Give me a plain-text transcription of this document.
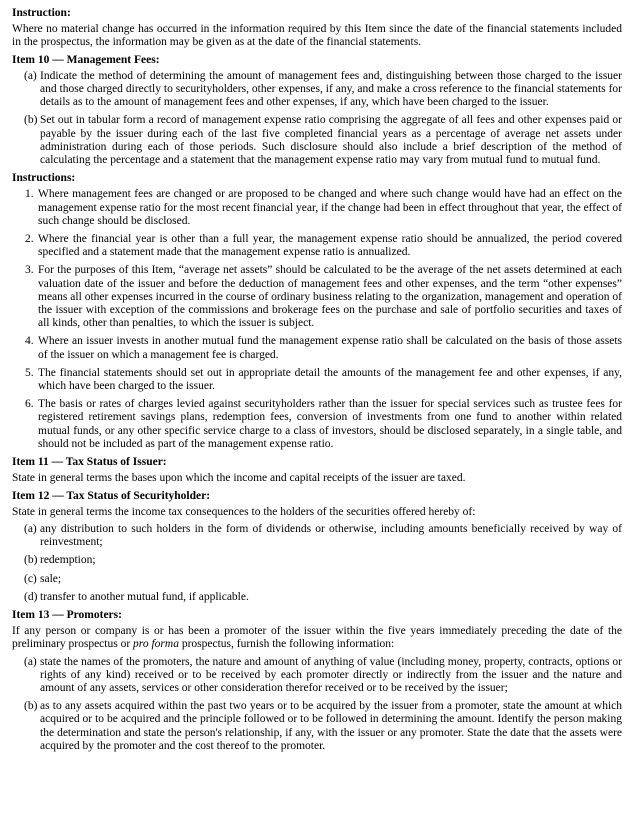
Instruction:
Where no material change has occurred in the information required by this Item since the date of the financial statements included in the prospectus, the information may be given as at the date of the financial statements.
Item 10 — Management Fees:
(a) Indicate the method of determining the amount of management fees and, distinguishing between those charged to the issuer and those charged directly to securityholders, other expenses, if any, and make a cross reference to the financial statements for details as to the amount of management fees and other expenses, if any, which have been charged to the issuer.
(b) Set out in tabular form a record of management expense ratio comprising the aggregate of all fees and other expenses paid or payable by the issuer during each of the last five completed financial years as a percentage of average net assets under administration during each of those periods. Such disclosure should also include a brief description of the method of calculating the percentage and a statement that the management expense ratio may vary from mutual fund to mutual fund.
Instructions:
1. Where management fees are changed or are proposed to be changed and where such change would have had an effect on the management expense ratio for the most recent financial year, if the change had been in effect throughout that year, the effect of such change should be disclosed.
2. Where the financial year is other than a full year, the management expense ratio should be annualized, the period covered specified and a statement made that the management expense ratio is annualized.
3. For the purposes of this Item, “average net assets” should be calculated to be the average of the net assets determined at each valuation date of the issuer and before the deduction of management fees and other expenses, and the term “other expenses” means all other expenses incurred in the course of ordinary business relating to the organization, management and operation of the issuer with exception of the commissions and brokerage fees on the purchase and sale of portfolio securities and taxes of all kinds, other than penalties, to which the issuer is subject.
4. Where an issuer invests in another mutual fund the management expense ratio shall be calculated on the basis of those assets of the issuer on which a management fee is charged.
5. The financial statements should set out in appropriate detail the amounts of the management fee and other expenses, if any, which have been charged to the issuer.
6. The basis or rates of charges levied against securityholders rather than the issuer for special services such as trustee fees for registered retirement savings plans, redemption fees, conversion of investments from one fund to another within related mutual funds, or any other specific service charge to a class of investors, should be disclosed separately, in a single table, and should not be included as part of the management expense ratio.
Item 11 — Tax Status of Issuer:
State in general terms the bases upon which the income and capital receipts of the issuer are taxed.
Item 12 — Tax Status of Securityholder:
State in general terms the income tax consequences to the holders of the securities offered hereby of:
(a) any distribution to such holders in the form of dividends or otherwise, including amounts beneficially received by way of reinvestment;
(b) redemption;
(c) sale;
(d) transfer to another mutual fund, if applicable.
Item 13 — Promoters:
If any person or company is or has been a promoter of the issuer within the five years immediately preceding the date of the preliminary prospectus or pro forma prospectus, furnish the following information:
(a) state the names of the promoters, the nature and amount of anything of value (including money, property, contracts, options or rights of any kind) received or to be received by each promoter directly or indirectly from the issuer and the nature and amount of any assets, services or other consideration therefor received or to be received by the issuer;
(b) as to any assets acquired within the past two years or to be acquired by the issuer from a promoter, state the amount at which acquired or to be acquired and the principle followed or to be followed in determining the amount. Identify the person making the determination and state the person's relationship, if any, with the issuer or any promoter. State the date that the assets were acquired by the promoter and the cost thereof to the promoter.
